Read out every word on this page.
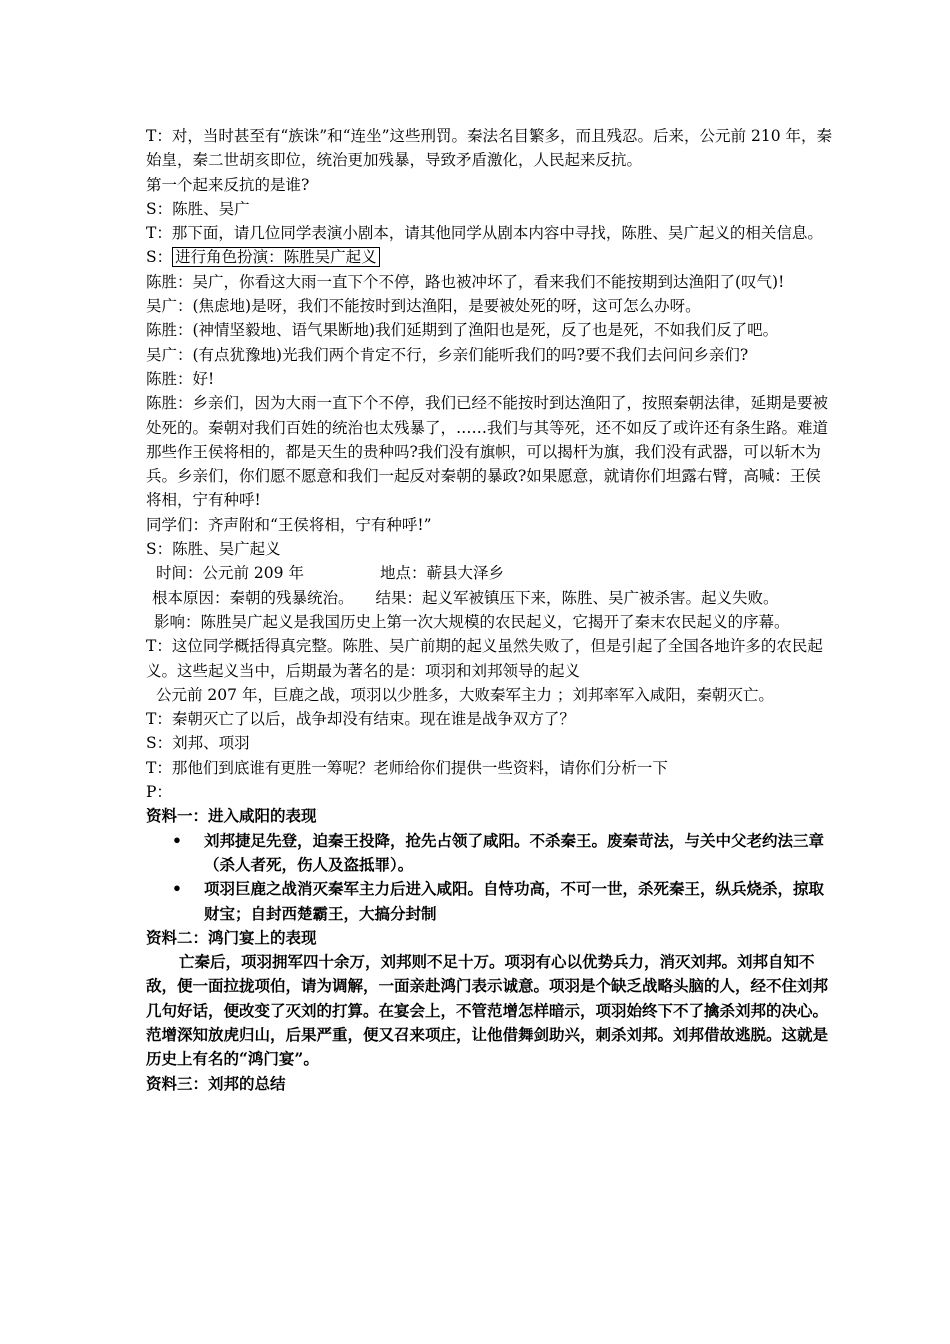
T：对，当时甚至有“族诛”和“连坐”这些刑罚。秦法名目繁多，而且残忍。后来，公元前 210 年，秦始皇，秦二世胡亥即位，统治更加残暴，导致矛盾激化，人民起来反抗。

第一个起来反抗的是谁?

S：陈胜、吴广

T：那下面，请几位同学表演小剧本，请其他同学从剧本内容中寻找，陈胜、吴广起义的相关信息。

S： 进行角色扮演：陈胜吴广起义

陈胜：吴广，你看这大雨一直下个不停，路也被冲坏了，看来我们不能按期到达渔阳了(叹气)!

吴广：(焦虑地)是呀，我们不能按时到达渔阳，是要被处死的呀，这可怎么办呀。

陈胜：(神情坚毅地、语气果断地)我们延期到了渔阳也是死，反了也是死，不如我们反了吧。

吴广：(有点犹豫地)光我们两个肯定不行，乡亲们能听我们的吗?要不我们去问问乡亲们?

陈胜：好!

陈胜：乡亲们，因为大雨一直下个不停，我们已经不能按时到达渔阳了，按照秦朝法律，延期是要被处死的。秦朝对我们百姓的统治也太残暴了，……我们与其等死，还不如反了或许还有条生路。难道那些作王侯将相的，都是天生的贵种吗?我们没有旗帜，可以揭杆为旗，我们没有武器，可以斩木为兵。乡亲们，你们愿不愿意和我们一起反对秦朝的暴政?如果愿意，就请你们坦露右臂，高喊：王侯将相，宁有种呼!

同学们：齐声附和“王侯将相，宁有种呼!”

S：陈胜、吴广起义

时间：公元前 209 年	地点：蕲县大泽乡

根本原因：秦朝的残暴统治。 结果：起义军被镇压下来，陈胜、吴广被杀害。起义失败。

影响：陈胜吴广起义是我国历史上第一次大规模的农民起义，它揭开了秦末农民起义的序幕。

T：这位同学概括得真完整。陈胜、吴广前期的起义虽然失败了，但是引起了全国各地许多的农民起义。这些起义当中，后期最为著名的是：项羽和刘邦领导的起义

公元前 207 年，巨鹿之战，项羽以少胜多，大败秦军主力 ；刘邦率军入咸阳，秦朝灭亡。

T：秦朝灭亡了以后，战争却没有结束。现在谁是战争双方了？

S：刘邦、项羽

T：那他们到底谁有更胜一筹呢？老师给你们提供一些资料，请你们分析一下

P：

资料一：进入咸阳的表现

• 刘邦捷足先登，迫秦王投降，抢先占领了咸阳。不杀秦王。废秦苛法，与关中父老约法三章（杀人者死，伤人及盗抵罪）。
• 项羽巨鹿之战消灭秦军主力后进入咸阳。自恃功高，不可一世，杀死秦王，纵兵烧杀，掠取财宝；自封西楚霸王，大搞分封制

资料二：鸿门宴上的表现

亡秦后，项羽拥军四十余万，刘邦则不足十万。项羽有心以优势兵力，消灭刘邦。刘邦自知不敌，便一面拉拢项伯，请为调解，一面亲赴鸿门表示诚意。项羽是个缺乏战略头脑的人，经不住刘邦几句好话，便改变了灭刘的打算。在宴会上，不管范增怎样暗示，项羽始终下不了擒杀刘邦的决心。范增深知放虎归山，后果严重，便又召来项庄，让他借舞剑助兴，刺杀刘邦。刘邦借故逃脱。这就是历史上有名的“鸿门宴”。

资料三：刘邦的总结
